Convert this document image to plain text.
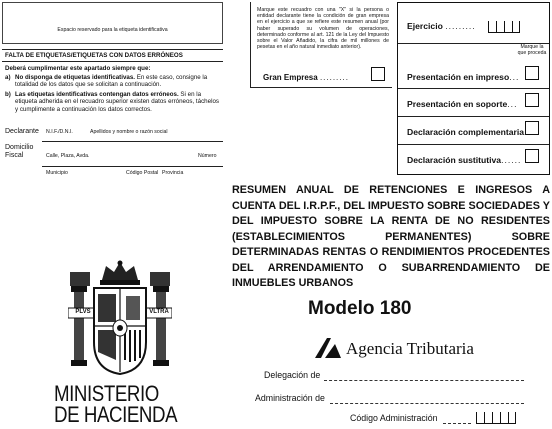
Espacio reservado para la etiqueta identificativa
FALTA DE ETIQUETAS/ETIQUETAS CON DATOS ERRÓNEOS
Deberá cumplimentar este apartado siempre que:
a) No disponga de etiquetas identificativas. En este caso, consigne la totalidad de los datos que se solicitan a continuación.
b) Las etiquetas identificativas contengan datos erróneos. Si en la etiqueta adherida en el recuadro superior existen datos erróneos, táchelos y cumplimente a continuación los datos correctos.
Declarante N.I.F./D.N.I.	Apellidos y nombre o razón social
Domicilio
Fiscal	Calle, Plaza, Avda.	Número
Municipio	Código Postal Provincia
Marque este recuadro con una "X" si la persona o entidad declarante tiene la condición de gran empresa en el ejercicio a que se refiere este resumen anual (por haber superado su volumen de operaciones, determinado conforme al art. 121 de la Ley del Impuesto sobre el Valor Añadido, la cifra de mil millones de pesetas en el año natural inmediato anterior).
Gran Empresa .........
Ejercicio .........
Marque la que proceda
Presentación en impreso...
Presentación en soporte...
Declaración complementaria
Declaración sustitutiva......
RESUMEN ANUAL DE RETENCIONES E INGRESOS A CUENTA DEL I.R.P.F., DEL IMPUESTO SOBRE SOCIEDADES Y DEL IMPUESTO SOBRE LA RENTA DE NO RESIDENTES (ESTABLECIMIENTOS PERMANENTES) SOBRE DETERMINADAS RENTAS O RENDIMIENTOS PROCEDENTES DEL ARRENDAMIENTO O SUBARRENDAMIENTO DE INMUEBLES URBANOS
Modelo 180
Agencia Tributaria
Delegación de
Administración de
Código Administración
PLVS	VLTRA
MINISTERIO
DE HACIENDA
